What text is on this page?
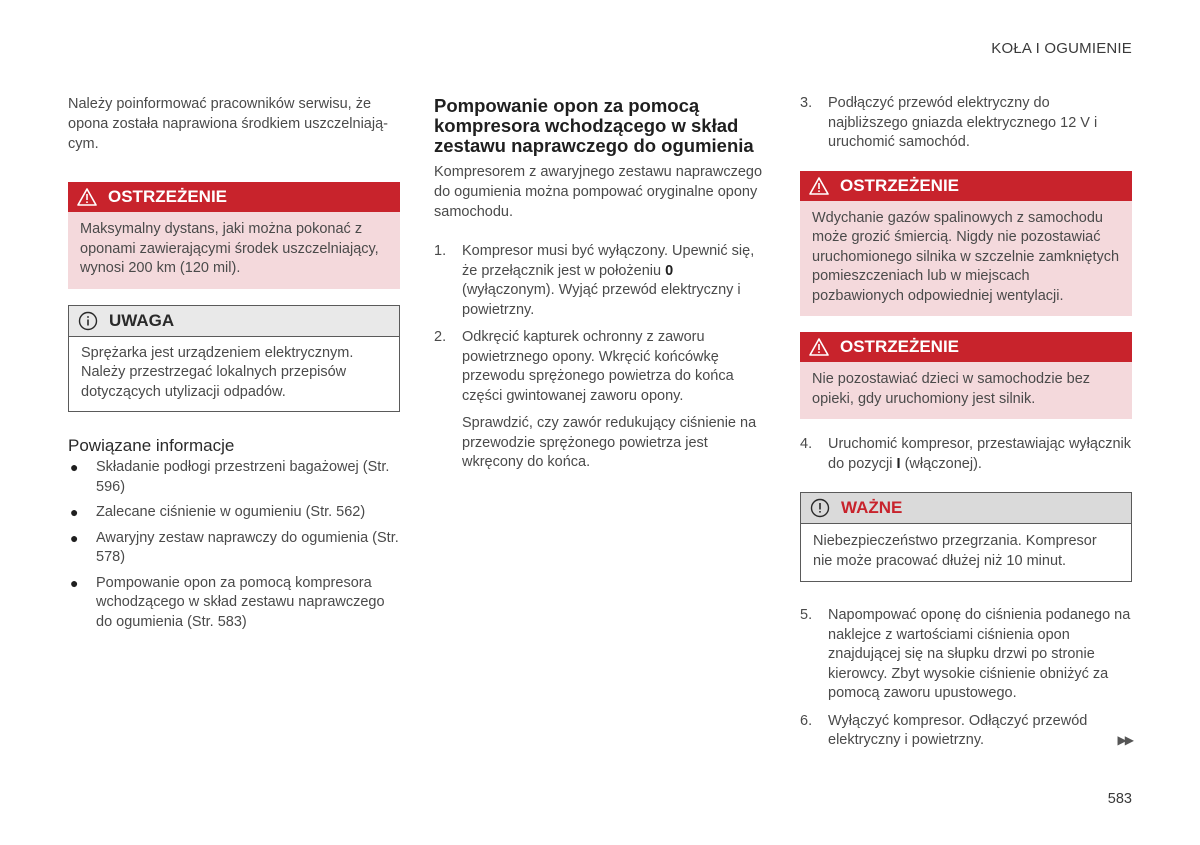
KOŁA I OGUMIENIE

Należy poinformować pracowników serwisu, że opona została naprawiona środkiem uszczelniają-cym.

OSTRZEŻENIE
Maksymalny dystans, jaki można pokonać z oponami zawierającymi środek uszczelniający, wynosi 200 km (120 mil).
UWAGA
Sprężarka jest urządzeniem elektrycznym. Należy przestrzegać lokalnych przepisów dotyczących utylizacji odpadów.
Powiązane informacje
● Składanie podłogi przestrzeni bagażowej (Str. 596)
● Zalecane ciśnienie w ogumieniu (Str. 562)
● Awaryjny zestaw naprawczy do ogumienia (Str. 578)
● Pompowanie opon za pomocą kompresora wchodzącego w skład zestawu naprawczego do ogumienia (Str. 583)
Pompowanie opon za pomocą kompresora wchodzącego w skład zestawu naprawczego do ogumienia

Kompresorem z awaryjnego zestawu naprawczego do ogumienia można pompować oryginalne opony samochodu.

1. Kompresor musi być wyłączony. Upewnić się, że przełącznik jest w położeniu 0 (wyłączonym). Wyjąć przewód elektryczny i powietrzny.
2. Odkręcić kapturek ochronny z zaworu powietrznego opony. Wkręcić końcówkę przewodu sprężonego powietrza do końca części gwintowanej zaworu opony.
Sprawdzić, czy zawór redukujący ciśnienie na przewodzie sprężonego powietrza jest wkręcony do końca.
3. Podłączyć przewód elektryczny do najbliższego gniazda elektrycznego 12 V i uruchomić samochód.
OSTRZEŻENIE
Wdychanie gazów spalinowych z samochodu może grozić śmiercią. Nigdy nie pozostawiać uruchomionego silnika w szczelnie zamkniętych pomieszczeniach lub w miejscach pozbawionych odpowiedniej wentylacji.
OSTRZEŻENIE
Nie pozostawiać dzieci w samochodzie bez opieki, gdy uruchomiony jest silnik.
4. Uruchomić kompresor, przestawiając wyłącznik do pozycji I (włączonej).
WAŻNE
Niebezpieczeństwo przegrzania. Kompresor nie może pracować dłużej niż 10 minut.
5. Napompować oponę do ciśnienia podanego na naklejce z wartościami ciśnienia opon znajdującej się na słupku drzwi po stronie kierowcy. Zbyt wysokie ciśnienie obniżyć za pomocą zaworu upustowego.
6. Wyłączyć kompresor. Odłączyć przewód elektryczny i powietrzny.	▶▶
583
